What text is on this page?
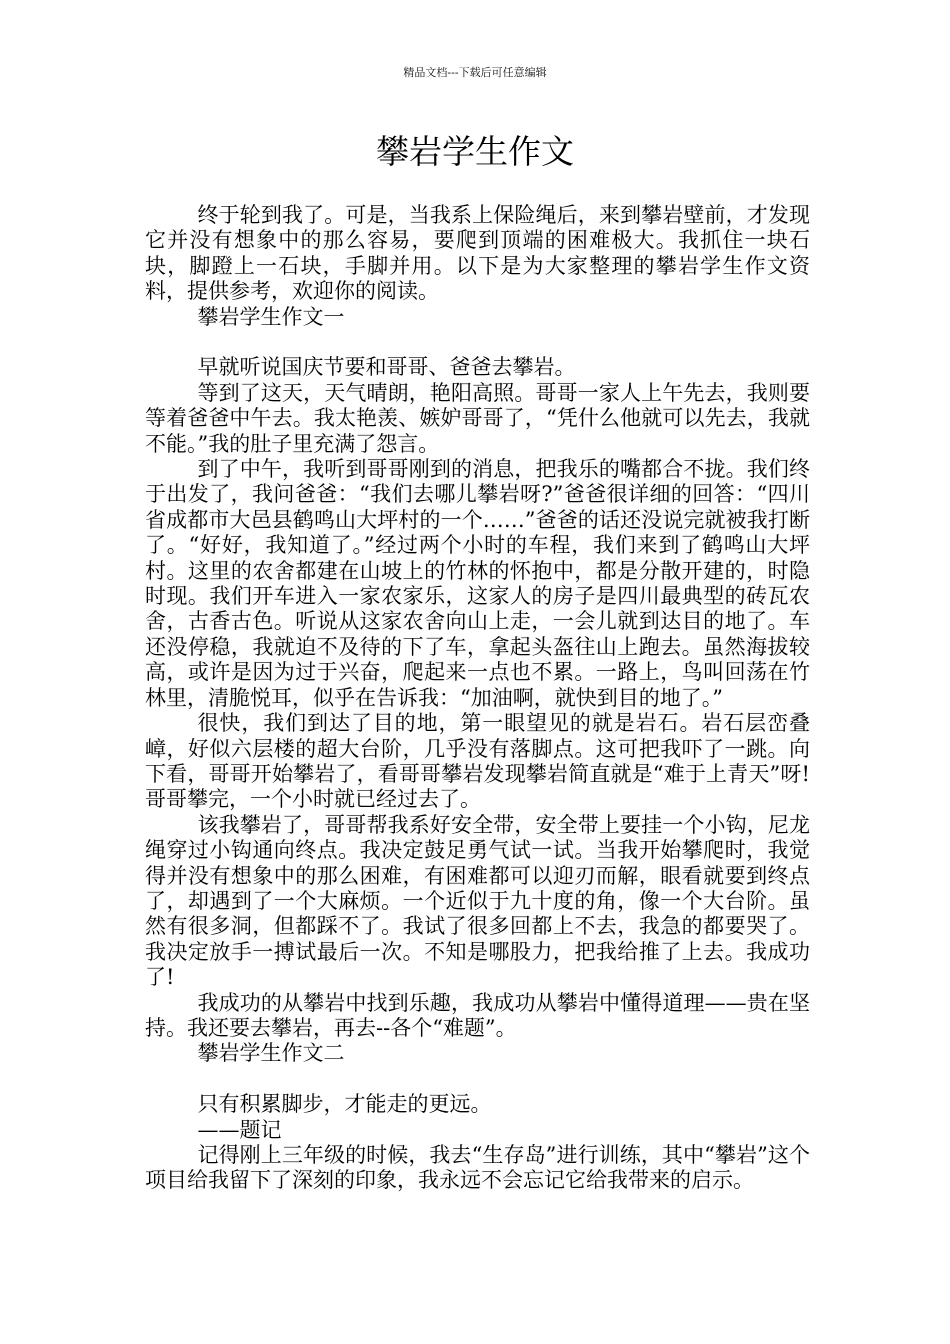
精品文档---下载后可任意编辑
攀岩学生作文

终于轮到我了。可是，当我系上保险绳后，来到攀岩壁前，才发现它并没有想象中的那么容易，要爬到顶端的困难极大。我抓住一块石块，脚蹬上一石块，手脚并用。以下是为大家整理的攀岩学生作文资料，提供参考，欢迎你的阅读。

攀岩学生作文一

早就听说国庆节要和哥哥、爸爸去攀岩。

等到了这天，天气晴朗，艳阳高照。哥哥一家人上午先去，我则要等着爸爸中午去。我太艳羡、嫉妒哥哥了，“凭什么他就可以先去，我就不能。”我的肚子里充满了怨言。

到了中午，我听到哥哥刚到的消息，把我乐的嘴都合不拢。我们终于出发了，我问爸爸：“我们去哪儿攀岩呀?”爸爸很详细的回答：“四川省成都市大邑县鹤鸣山大坪村的一个……”爸爸的话还没说完就被我打断了。“好好，我知道了。”经过两个小时的车程，我们来到了鹤鸣山大坪村。这里的农舍都建在山坡上的竹林的怀抱中，都是分散开建的，时隐时现。我们开车进入一家农家乐，这家人的房子是四川最典型的砖瓦农舍，古香古色。听说从这家农舍向山上走，一会儿就到达目的地了。车还没停稳，我就迫不及待的下了车，拿起头盔往山上跑去。虽然海拔较高，或许是因为过于兴奋，爬起来一点也不累。一路上，鸟叫回荡在竹林里，清脆悦耳，似乎在告诉我：“加油啊，就快到目的地了。”

很快，我们到达了目的地，第一眼望见的就是岩石。岩石层峦叠嶂，好似六层楼的超大台阶，几乎没有落脚点。这可把我吓了一跳。向下看，哥哥开始攀岩了，看哥哥攀岩发现攀岩简直就是“难于上青天”呀!哥哥攀完，一个小时就已经过去了。

该我攀岩了，哥哥帮我系好安全带，安全带上要挂一个小钩，尼龙绳穿过小钩通向终点。我决定鼓足勇气试一试。当我开始攀爬时，我觉得并没有想象中的那么困难，有困难都可以迎刃而解，眼看就要到终点了，却遇到了一个大麻烦。一个近似于九十度的角，像一个大台阶。虽然有很多洞，但都踩不了。我试了很多回都上不去，我急的都要哭了。我决定放手一搏试最后一次。不知是哪股力，把我给推了上去。我成功了!

我成功的从攀岩中找到乐趣，我成功从攀岩中懂得道理——贵在坚持。我还要去攀岩，再去--各个“难题”。

攀岩学生作文二

只有积累脚步，才能走的更远。

——题记

记得刚上三年级的时候，我去“生存岛”进行训练，其中“攀岩”这个项目给我留下了深刻的印象，我永远不会忘记它给我带来的启示。
